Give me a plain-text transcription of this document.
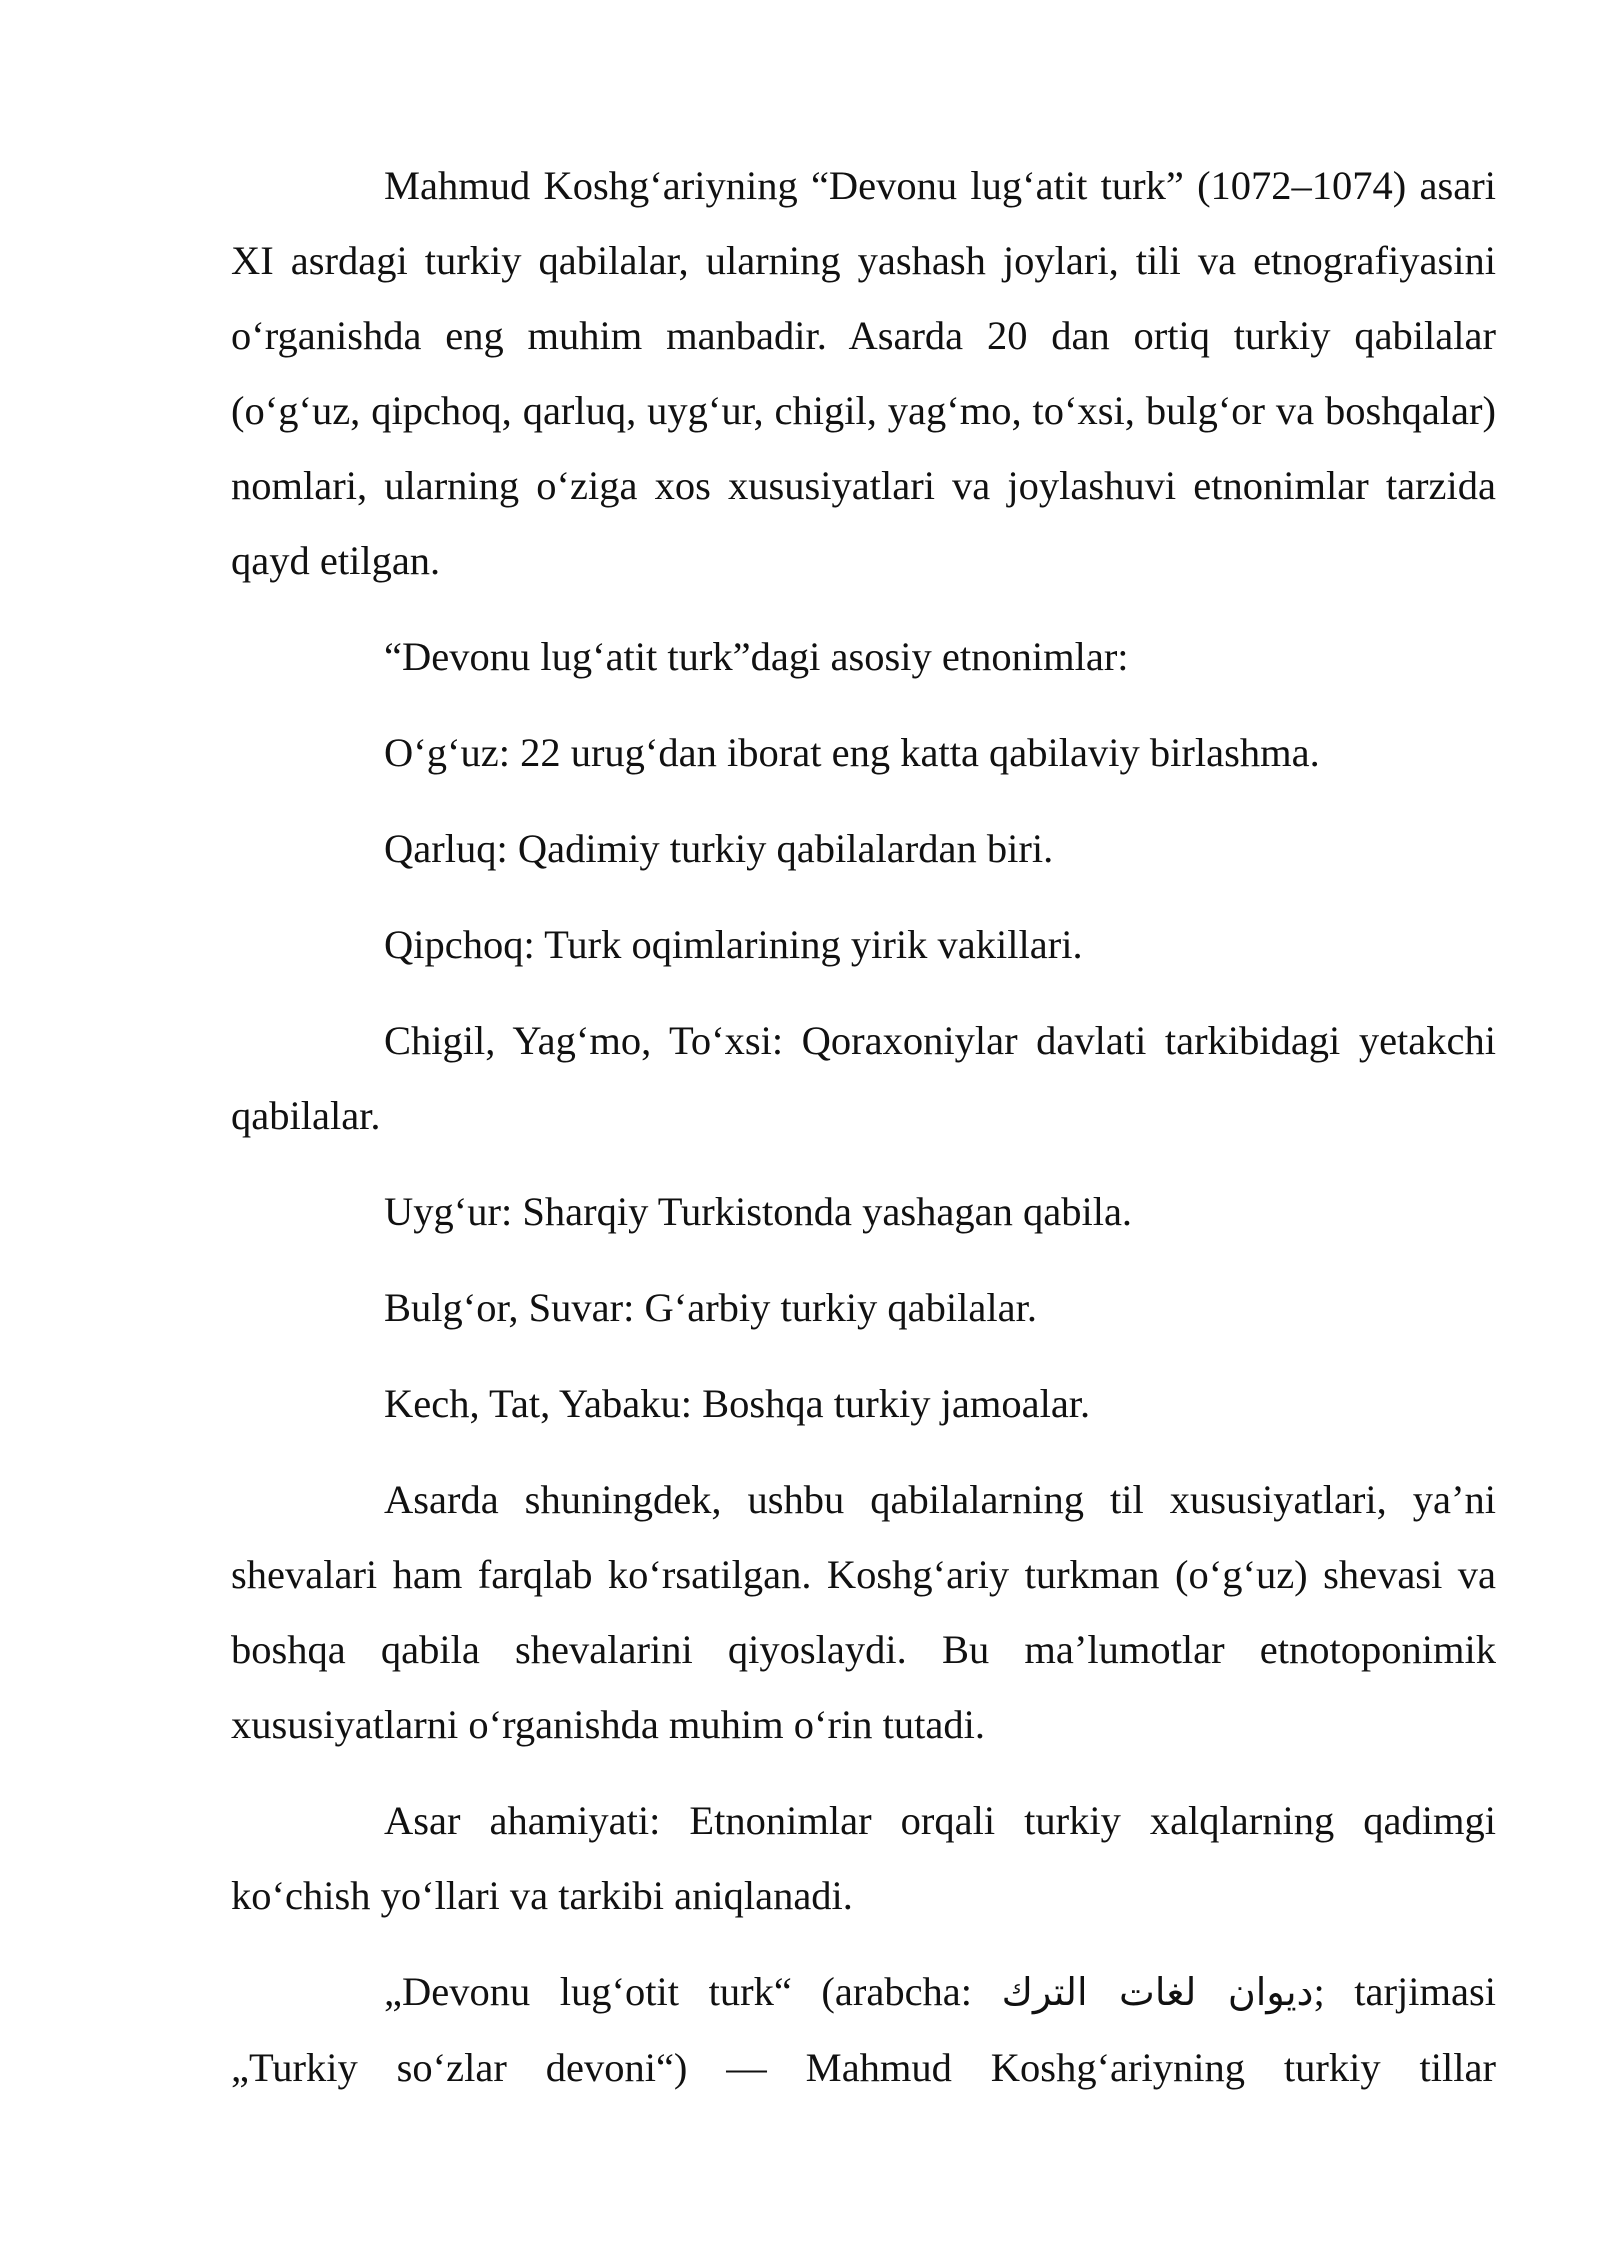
Mahmud Koshg‘ariyning “Devonu lug‘atit turk” (1072–1074) asari XI asrdagi turkiy qabilalar, ularning yashash joylari, tili va etnografiyasini o‘rganishda eng muhim manbadir. Asarda 20 dan ortiq turkiy qabilalar (o‘g‘uz, qipchoq, qarluq, uyg‘ur, chigil, yag‘mo, to‘xsi, bulg‘or va boshqalar) nomlari, ularning o‘ziga xos xususiyatlari va joylashuvi etnonimlar tarzida qayd etilgan.

“Devonu lug‘atit turk”dagi asosiy etnonimlar:

O‘g‘uz: 22 urug‘dan iborat eng katta qabilaviy birlashma.

Qarluq: Qadimiy turkiy qabilalardan biri.

Qipchoq: Turk oqimlarining yirik vakillari.

Chigil, Yag‘mo, To‘xsi: Qoraxoniylar davlati tarkibidagi yetakchi qabilalar.

Uyg‘ur: Sharqiy Turkistonda yashagan qabila.

Bulg‘or, Suvar: G‘arbiy turkiy qabilalar.

Kech, Tat, Yabaku: Boshqa turkiy jamoalar.

Asarda shuningdek, ushbu qabilalarning til xususiyatlari, ya’ni shevalari ham farqlab ko‘rsatilgan. Koshg‘ariy turkman (o‘g‘uz) shevasi va boshqa qabila shevalarini qiyoslaydi. Bu ma’lumotlar etnotoponimik xususiyatlarni o‘rganishda muhim o‘rin tutadi.

Asar ahamiyati: Etnonimlar orqali turkiy xalqlarning qadimgi ko‘chish yo‘llari va tarkibi aniqlanadi.

„Devonu lug‘otit turk“ (arabcha: ديوان لغات الترك; tarjimasi „Turkiy so‘zlar devoni“) — Mahmud Koshg‘ariyning turkiy tillar
